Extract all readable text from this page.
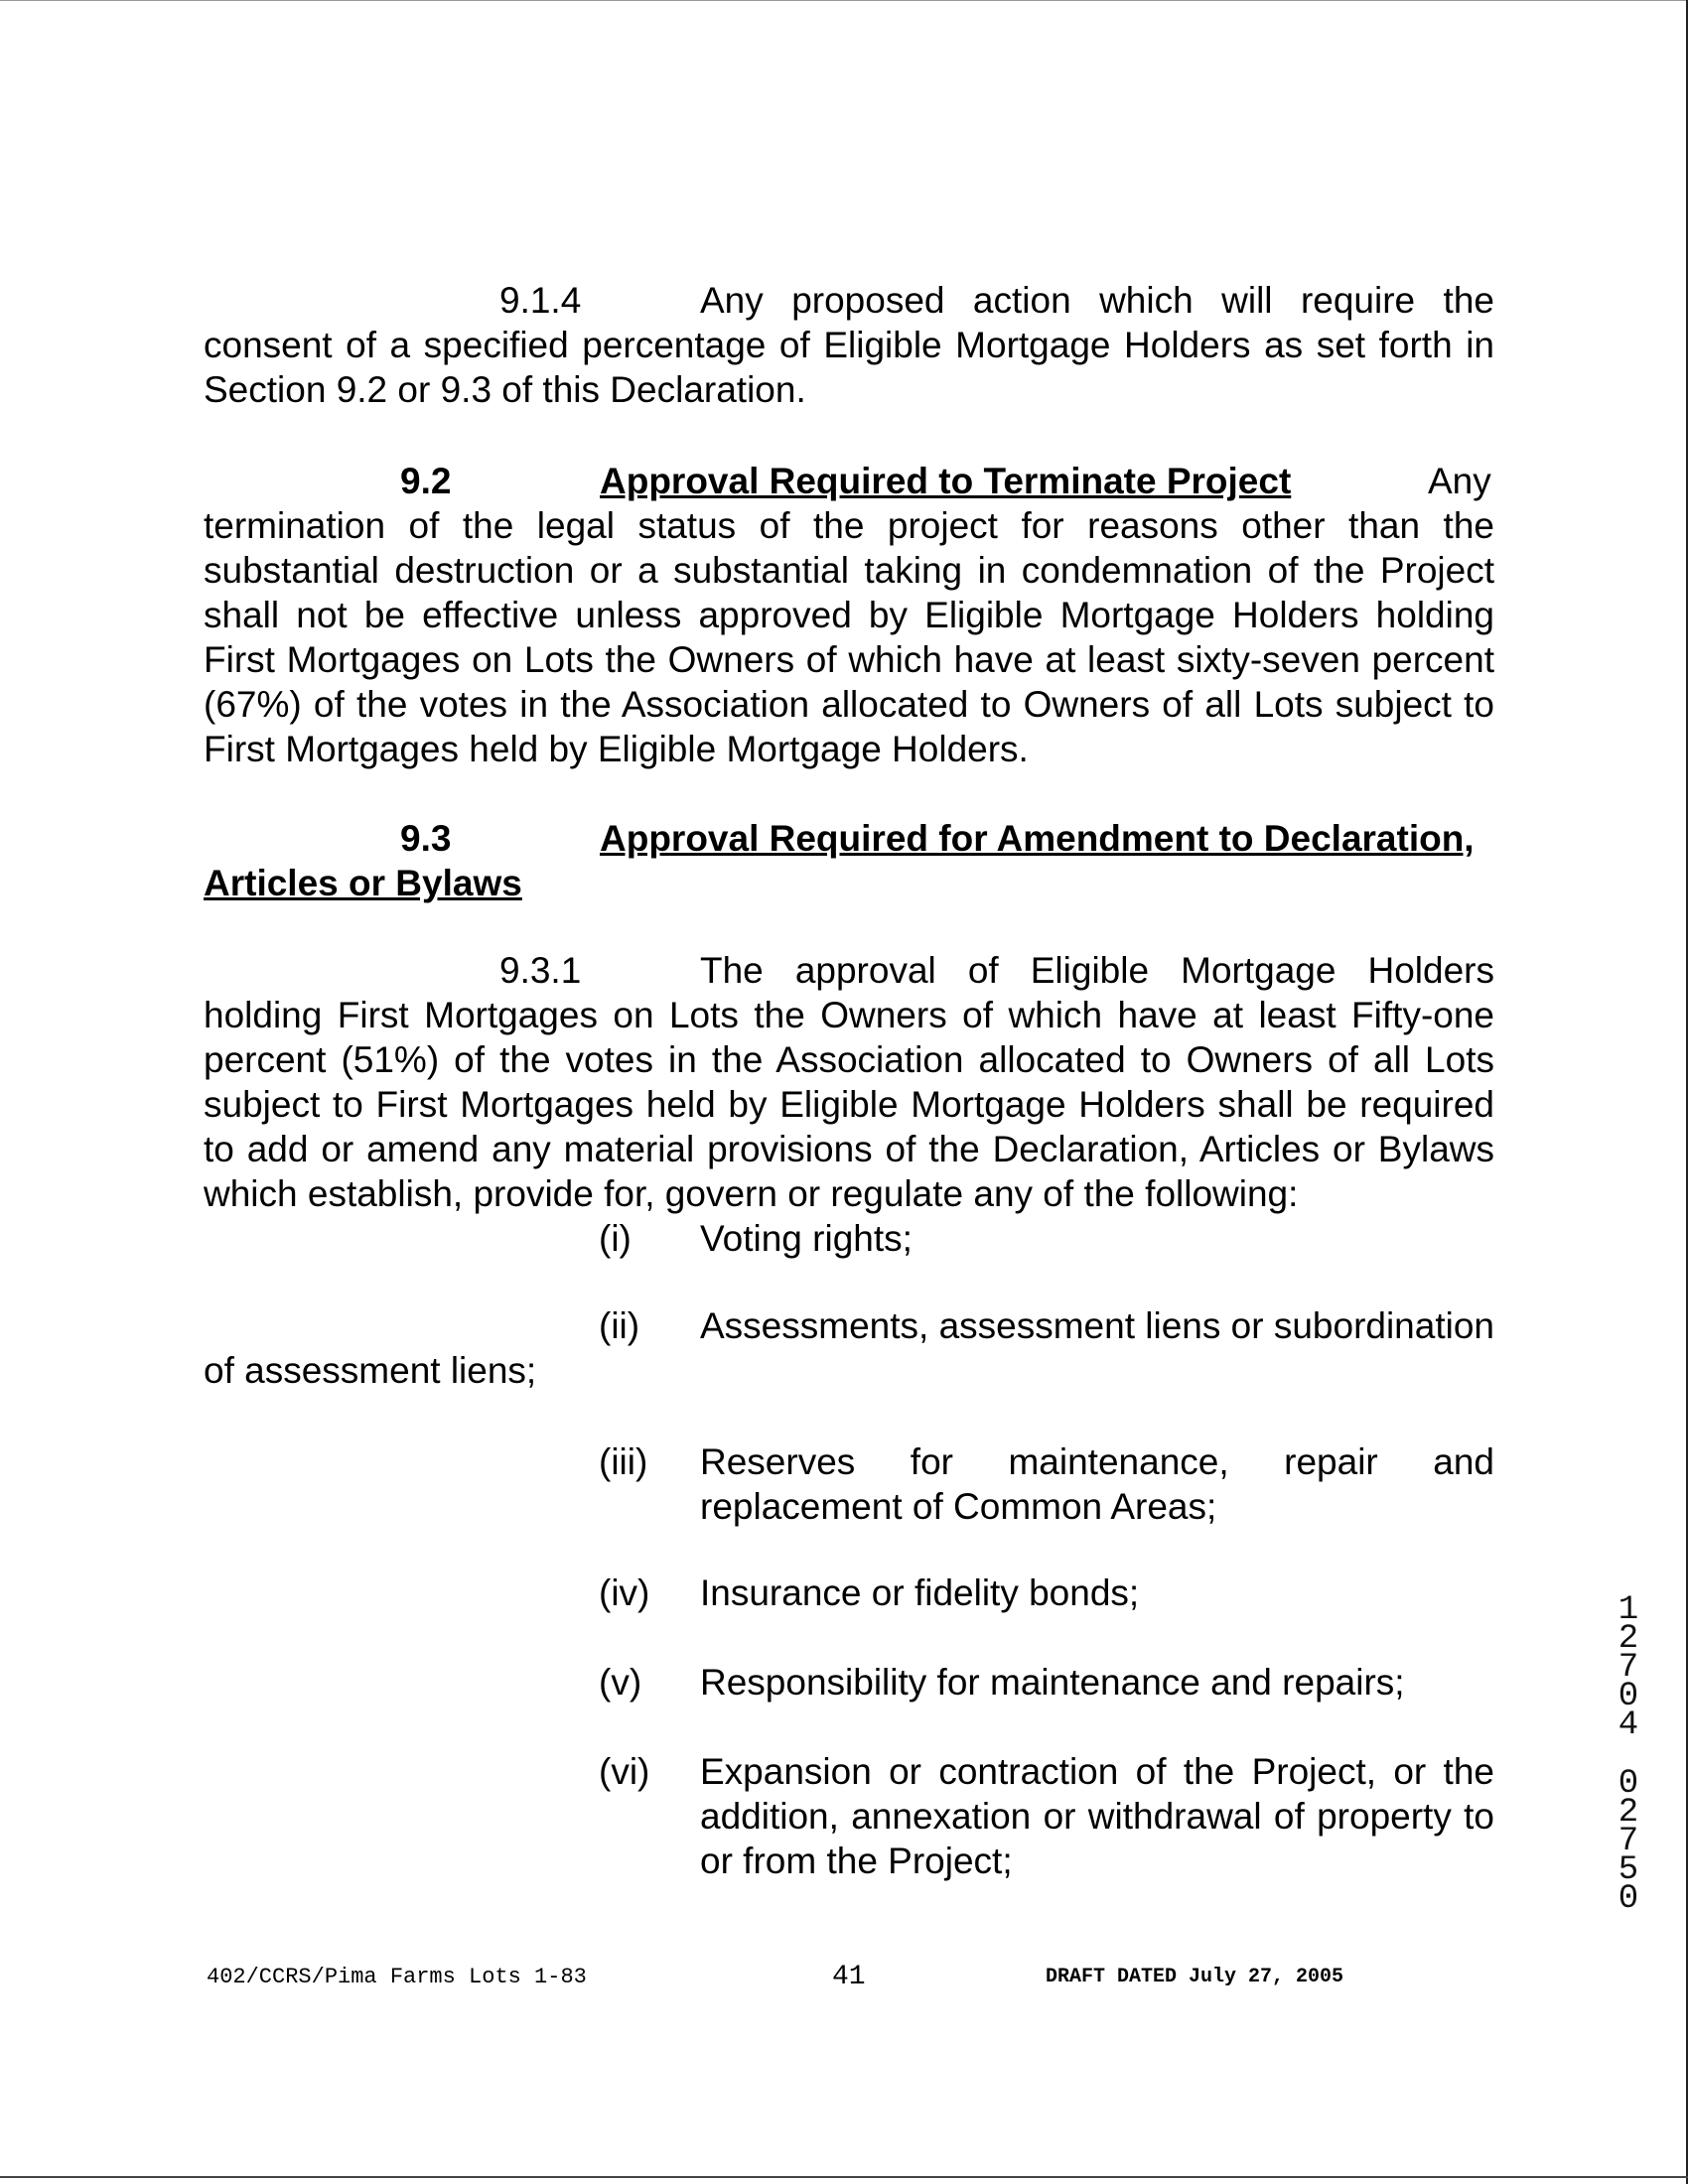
9.1.4	Any proposed action which will require the

consent of a specified percentage of Eligible Mortgage Holders as set forth in Section 9.2 or 9.3 of this Declaration.

9.2	Approval Required to Terminate Project	Any

termination of the legal status of the project for reasons other than the substantial destruction or a substantial taking in condemnation of the Project shall not be effective unless approved by Eligible Mortgage Holders holding First Mortgages on Lots the Owners of which have at least sixty-seven percent (67%) of the votes in the Association allocated to Owners of all Lots subject to First Mortgages held by Eligible Mortgage Holders.

9.3	Approval Required for Amendment to Declaration,
Articles or Bylaws
9.3.1	The approval of Eligible Mortgage Holders

holding First Mortgages on Lots the Owners of which have at least Fifty-one percent (51%) of the votes in the Association allocated to Owners of all Lots subject to First Mortgages held by Eligible Mortgage Holders shall be required to add or amend any material provisions of the Declaration, Articles or Bylaws which establish, provide for, govern or regulate any of the following:

(i) Voting rights;
(ii) Assessments, assessment liens or subordination
of assessment liens;
(iii) Reserves for maintenance, repair and replacement of Common Areas;
(iv) Insurance or fidelity bonds;
(v) Responsibility for maintenance and repairs;
(vi) Expansion or contraction of the Project, or the addition, annexation or withdrawal of property to or from the Project;
402/CCRS/Pima Farms Lots 1-83	41	DRAFT DATED July 27, 2005
1
2
7
0
4
0
2
7
5
0
